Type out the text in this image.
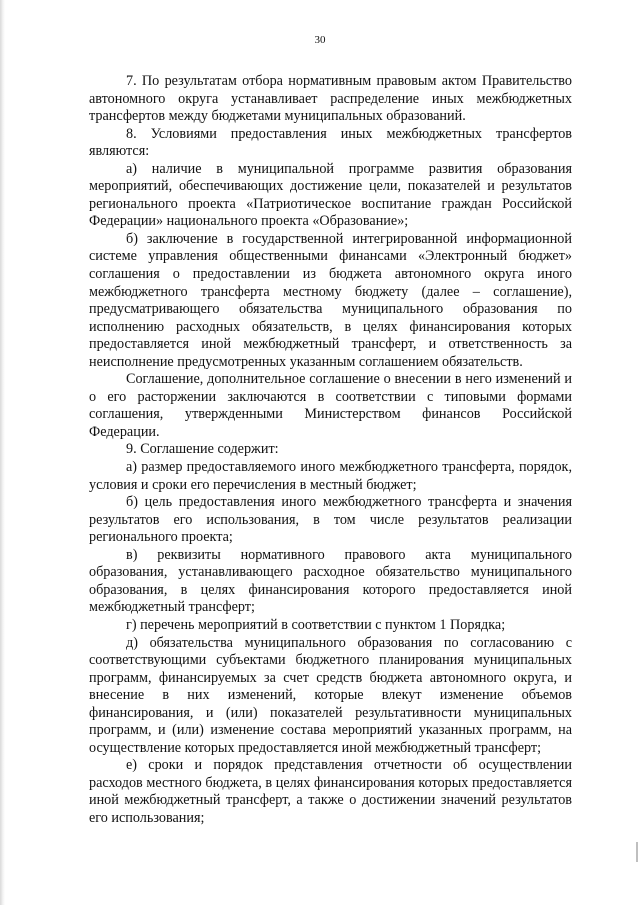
30

7. По результатам отбора нормативным правовым актом Правительство автономного округа устанавливает распределение иных межбюджетных трансфертов между бюджетами муниципальных образований.

8. Условиями предоставления иных межбюджетных трансфертов являются:

а) наличие в муниципальной программе развития образования мероприятий, обеспечивающих достижение цели, показателей и результатов регионального проекта «Патриотическое воспитание граждан Российской Федерации» национального проекта «Образование»;

б) заключение в государственной интегрированной информационной системе управления общественными финансами «Электронный бюджет» соглашения о предоставлении из бюджета автономного округа иного межбюджетного трансферта местному бюджету (далее – соглашение), предусматривающего обязательства муниципального образования по исполнению расходных обязательств, в целях финансирования которых предоставляется иной межбюджетный трансферт, и ответственность за неисполнение предусмотренных указанным соглашением обязательств.

Соглашение, дополнительное соглашение о внесении в него изменений и о его расторжении заключаются в соответствии с типовыми формами соглашения, утвержденными Министерством финансов Российской Федерации.

9. Соглашение содержит:

а) размер предоставляемого иного межбюджетного трансферта, порядок, условия и сроки его перечисления в местный бюджет;

б) цель предоставления иного межбюджетного трансферта и значения результатов его использования, в том числе результатов реализации регионального проекта;

в) реквизиты нормативного правового акта муниципального образования, устанавливающего расходное обязательство муниципального образования, в целях финансирования которого предоставляется иной межбюджетный трансферт;

г) перечень мероприятий в соответствии с пунктом 1 Порядка;

д) обязательства муниципального образования по согласованию с соответствующими субъектами бюджетного планирования муниципальных программ, финансируемых за счет средств бюджета автономного округа, и внесение в них изменений, которые влекут изменение объемов финансирования, и (или) показателей результативности муниципальных программ, и (или) изменение состава мероприятий указанных программ, на осуществление которых предоставляется иной межбюджетный трансферт;

е) сроки и порядок представления отчетности об осуществлении расходов местного бюджета, в целях финансирования которых предоставляется иной межбюджетный трансферт, а также о достижении значений результатов его использования;
